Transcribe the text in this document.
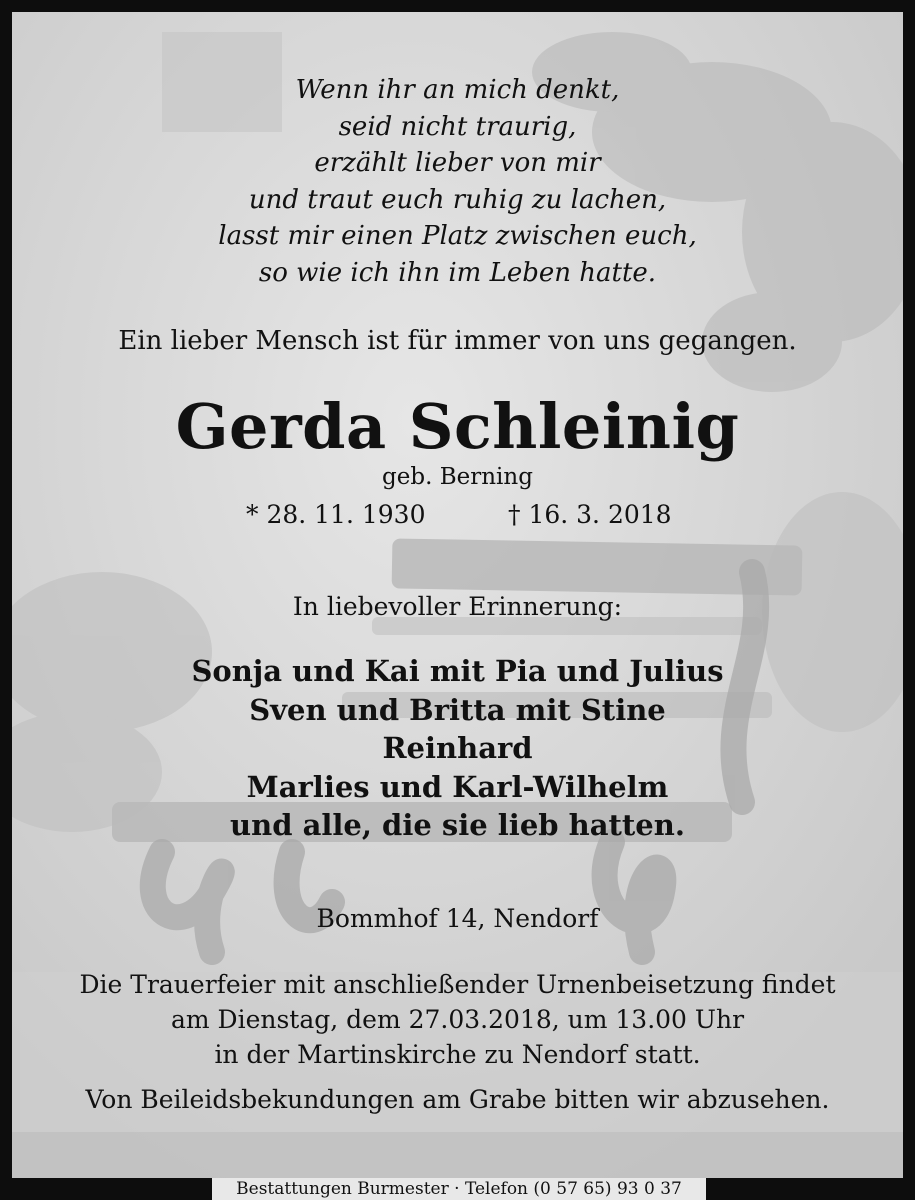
Wenn ihr an mich denkt,
seid nicht traurig,
erzählt lieber von mir
und traut euch ruhig zu lachen,
lasst mir einen Platz zwischen euch,
so wie ich ihn im Leben hatte.
Ein lieber Mensch ist für immer von uns gegangen.
Gerda Schleinig
geb. Berning
* 28. 11. 1930	† 16. 3. 2018
In liebevoller Erinnerung:
Sonja und Kai mit Pia und Julius
Sven und Britta mit Stine
Reinhard
Marlies und Karl-Wilhelm
und alle, die sie lieb hatten.
Bommhof 14, Nendorf
Die Trauerfeier mit anschließender Urnenbeisetzung findet
am Dienstag, dem 27.03.2018, um 13.00 Uhr
in der Martinskirche zu Nendorf statt.
Von Beileidsbekundungen am Grabe bitten wir abzusehen.
Bestattungen Burmester · Telefon (0 57 65) 93 0 37
